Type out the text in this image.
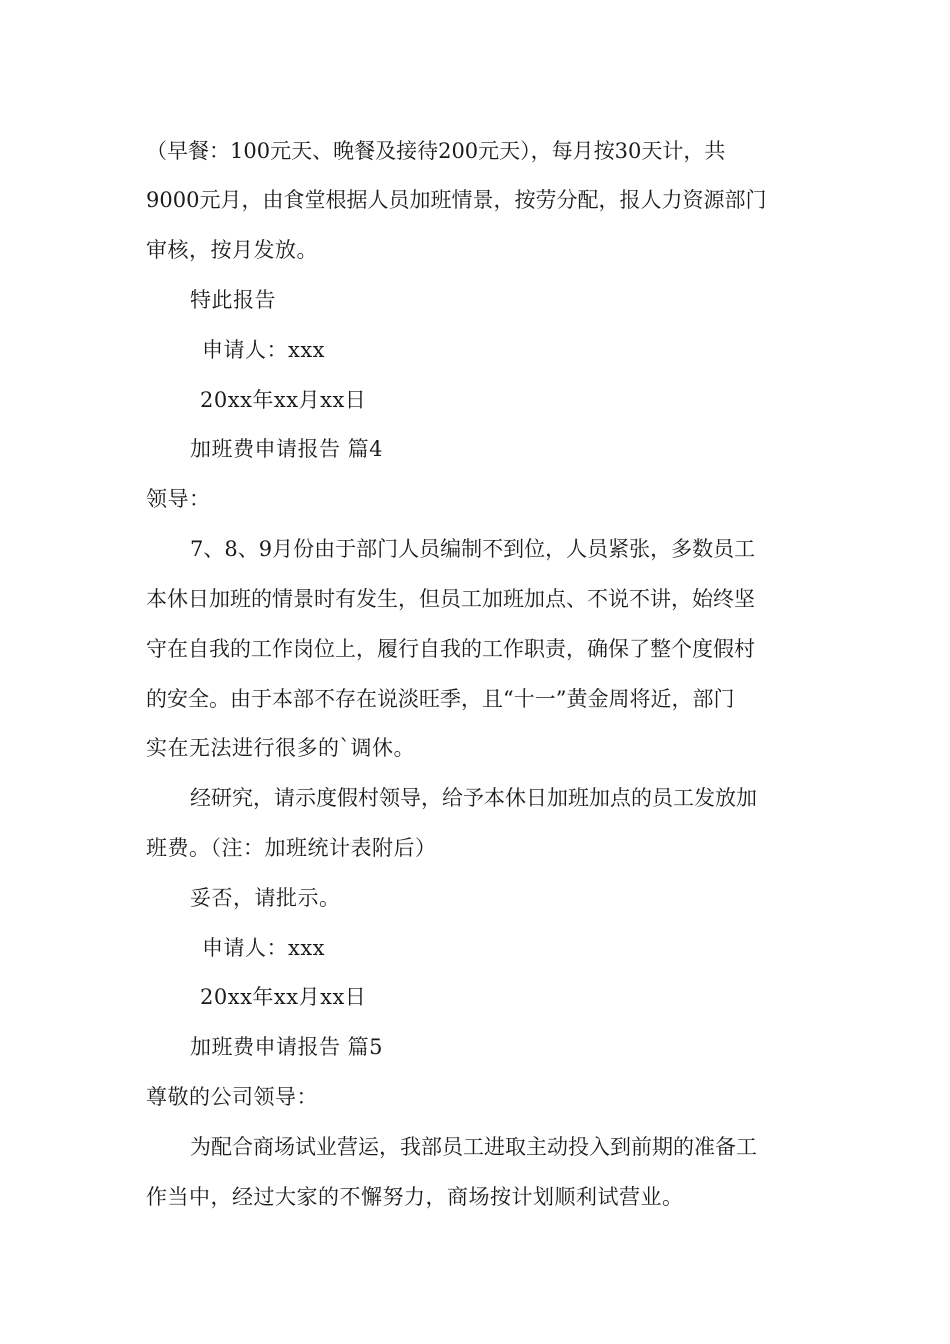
（早餐：100元天、晚餐及接待200元天），每月按30天计，共
9000元月，由食堂根据人员加班情景，按劳分配，报人力资源部门
审核，按月发放。
特此报告
申请人：xxx
20xx年xx月xx日
加班费申请报告 篇4
领导：
7、8、9月份由于部门人员编制不到位，人员紧张，多数员工
本休日加班的情景时有发生，但员工加班加点、不说不讲，始终坚
守在自我的工作岗位上，履行自我的工作职责，确保了整个度假村
的安全。由于本部不存在说淡旺季，且“十一”黄金周将近，部门
实在无法进行很多的`调休。
经研究，请示度假村领导，给予本休日加班加点的员工发放加
班费。（注：加班统计表附后）
妥否，请批示。
申请人：xxx
20xx年xx月xx日
加班费申请报告 篇5
尊敬的公司领导：
为配合商场试业营运，我部员工进取主动投入到前期的准备工
作当中，经过大家的不懈努力，商场按计划顺利试营业。
